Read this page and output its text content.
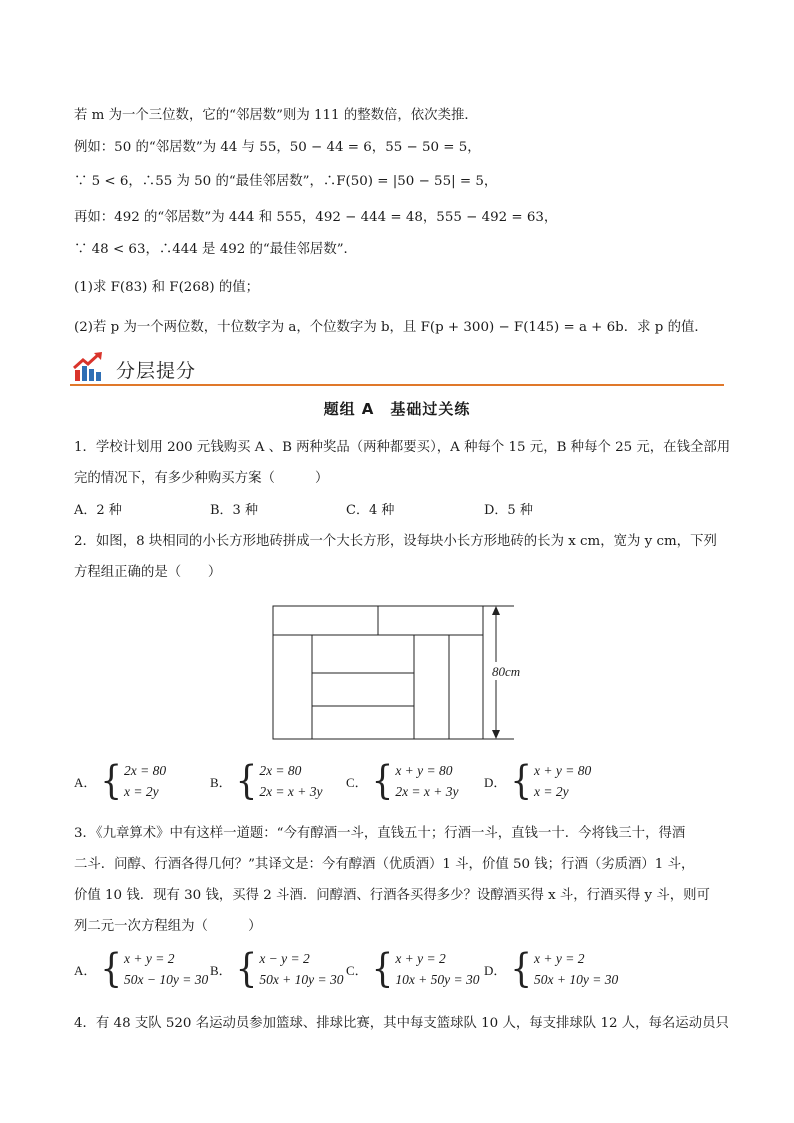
若 m 为一个三位数，它的“邻居数”则为 111 的整数倍，依次类推．
例如：50 的“邻居数”为 44 与 55，50 − 44 = 6，55 − 50 = 5，
∵ 5 < 6，∴55 为 50 的“最佳邻居数”，∴F(50) = |50 − 55| = 5，
再如：492 的“邻居数”为 444 和 555，492 − 444 = 48，555 − 492 = 63，
∵ 48 < 63，∴444 是 492 的“最佳邻居数”．
(1)求 F(83) 和 F(268) 的值；
(2)若 p 为一个两位数，十位数字为 a，个位数字为 b，且 F(p + 300) − F(145) = a + 6b．求 p 的值．
分层提分
题组 A　基础过关练
1．学校计划用 200 元钱购买 A 、B 两种奖品（两种都要买），A 种每个 15 元，B 种每个 25 元，在钱全部用
完的情况下，有多少种购买方案（　　　）
A．2 种	B．3 种	C．4 种	D．5 种
2．如图，8 块相同的小长方形地砖拼成一个大长方形，设每块小长方形地砖的长为 x cm，宽为 y cm，下列
方程组正确的是（　　）
80cm
A． { 2x = 80
x = 2y
B． { 2x = 80
2x = x + 3y
C． { x + y = 80
2x = x + 3y
D． { x + y = 80
x = 2y
3．《九章算术》中有这样一道题：“今有醇酒一斗，直钱五十；行酒一斗，直钱一十．今将钱三十，得酒
二斗．问醇、行酒各得几何？”其译文是：今有醇酒（优质酒）1 斗，价值 50 钱；行酒（劣质酒）1 斗，
价值 10 钱．现有 30 钱，买得 2 斗酒．问醇酒、行酒各买得多少？设醇酒买得 x 斗，行酒买得 y 斗，则可
列二元一次方程组为（　　　）
A． { x + y = 2
50x − 10y = 30
B． { x − y = 2
50x + 10y = 30
C． { x + y = 2
10x + 50y = 30
D． { x + y = 2
50x + 10y = 30
4．有 48 支队 520 名运动员参加篮球、排球比赛，其中每支篮球队 10 人，每支排球队 12 人，每名运动员只
